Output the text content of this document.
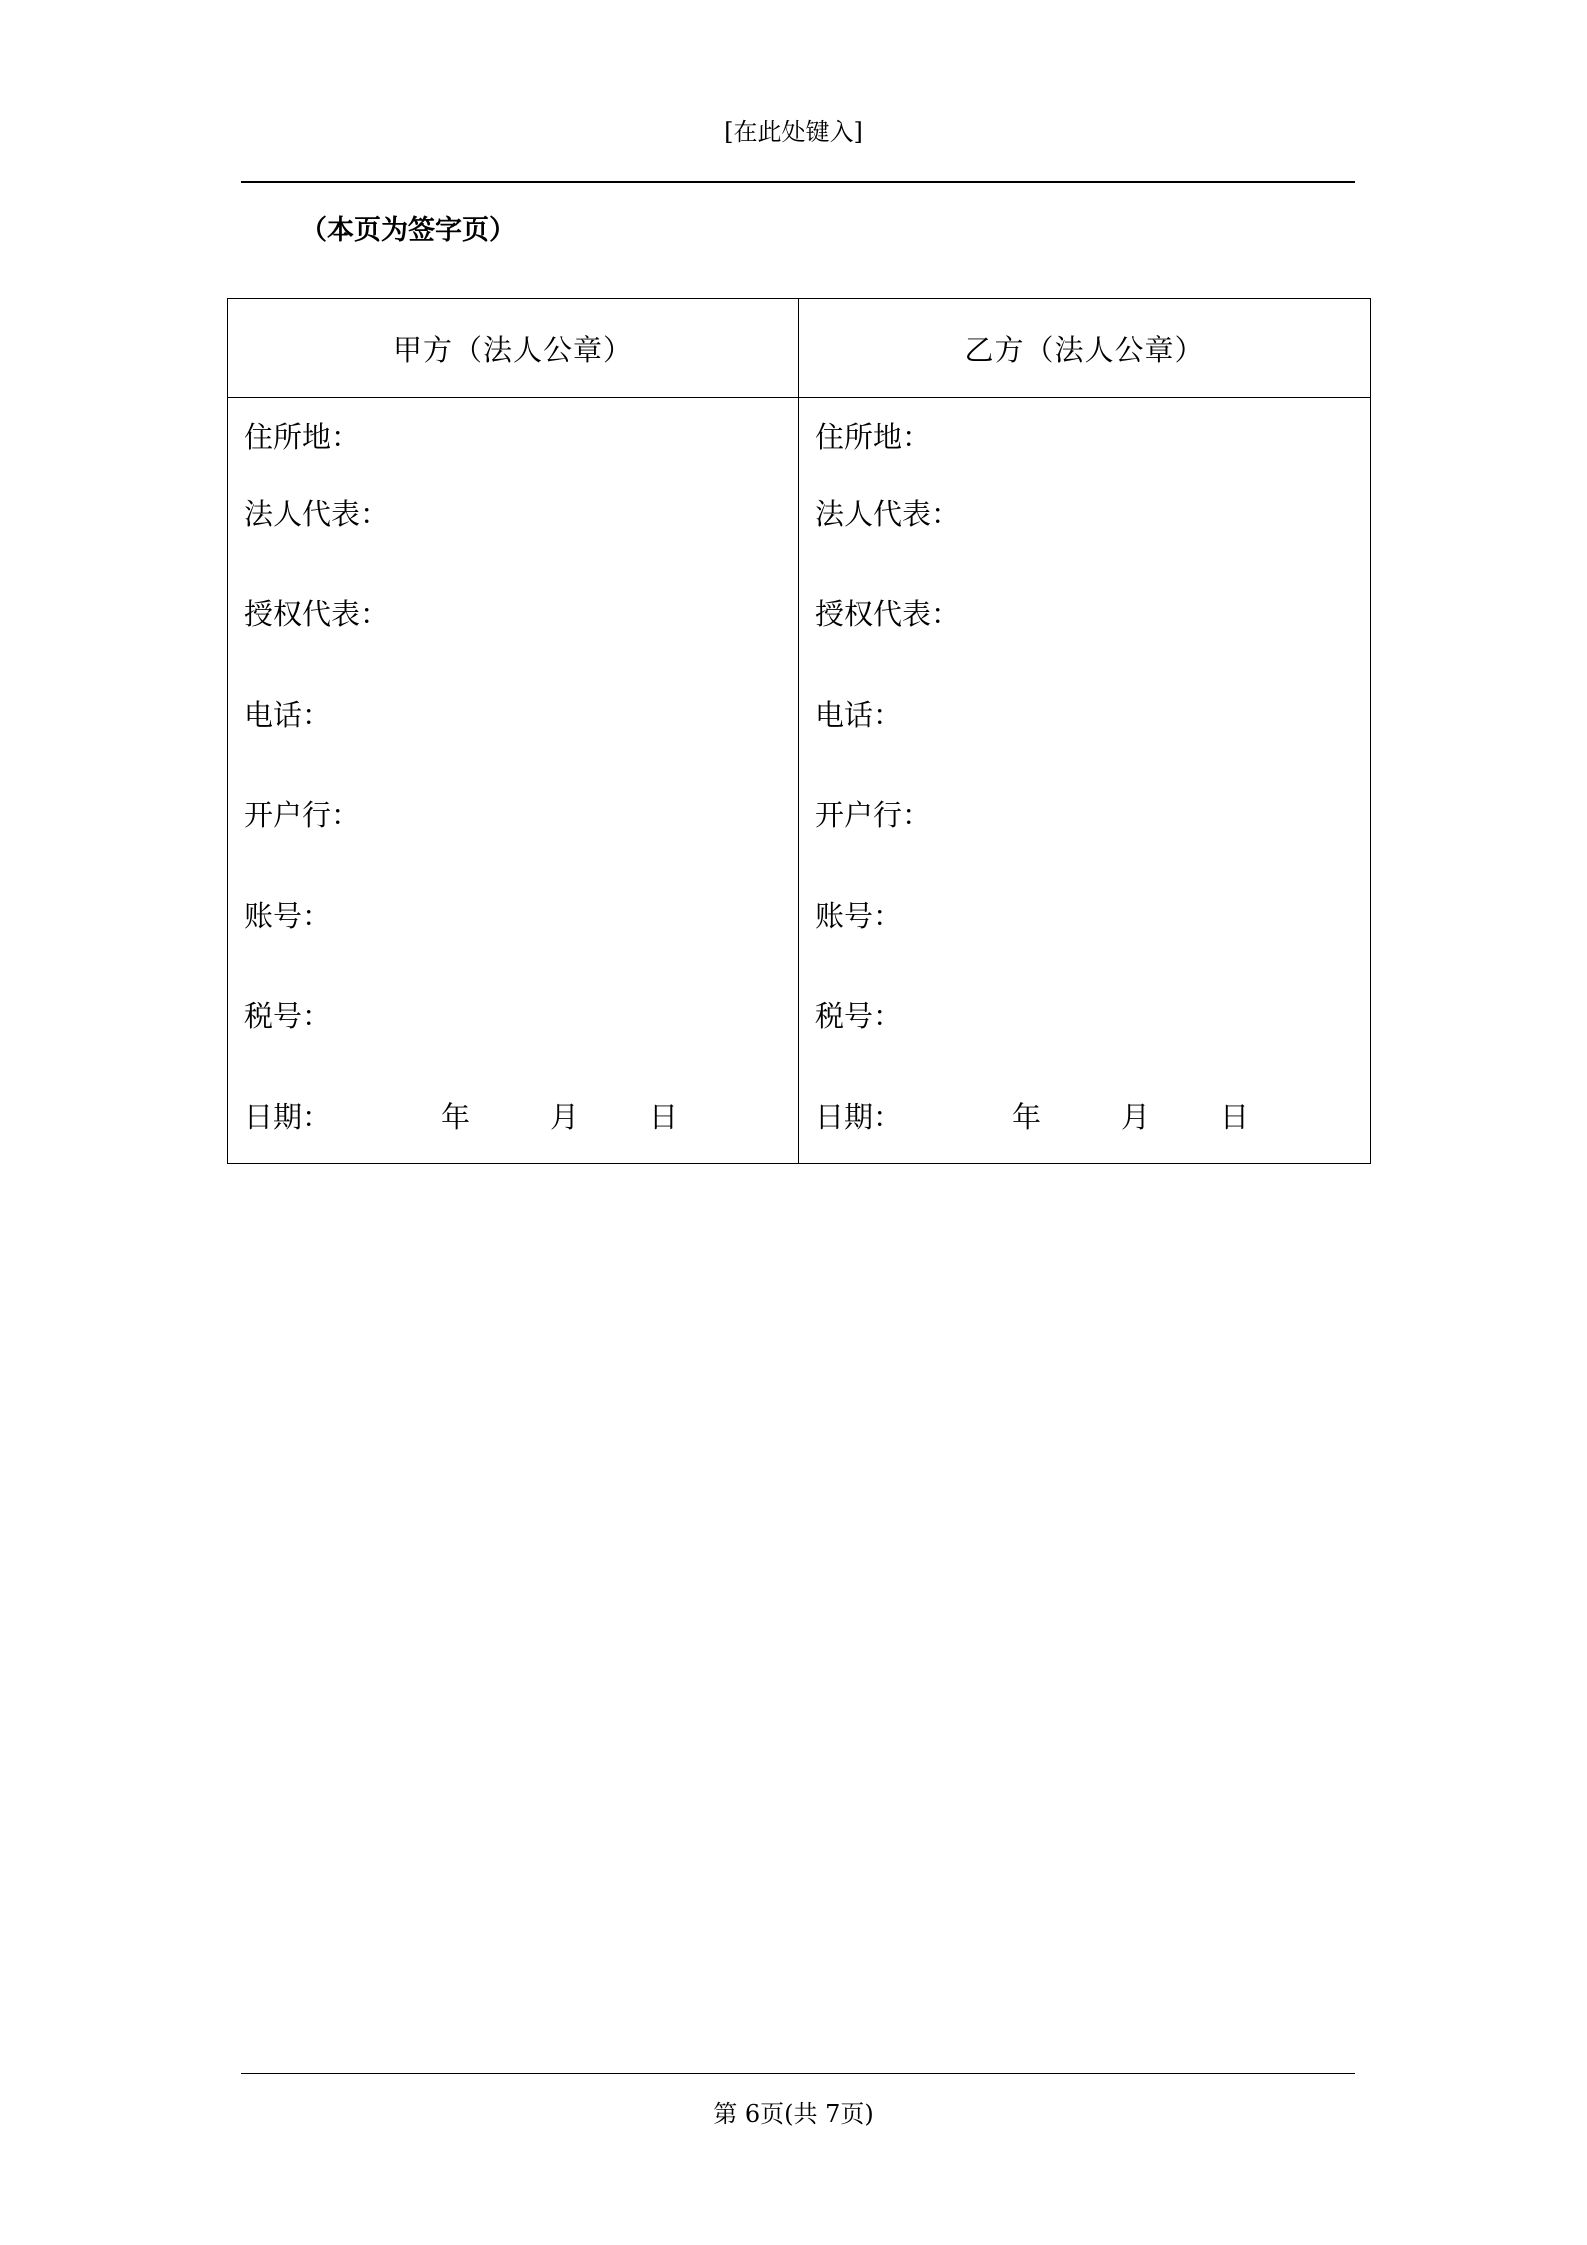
[在此处键入]
（本页为签字页）
甲方（法人公章）
住所地：
法人代表：
授权代表：
电话：
开户行：
账号：
税号：
日期：	年	月 日
乙方（法人公章）
住所地：
法人代表：
授权代表：
电话：
开户行：
账号：
税号：
日期：	年	月 日
第 6页(共 7页)
